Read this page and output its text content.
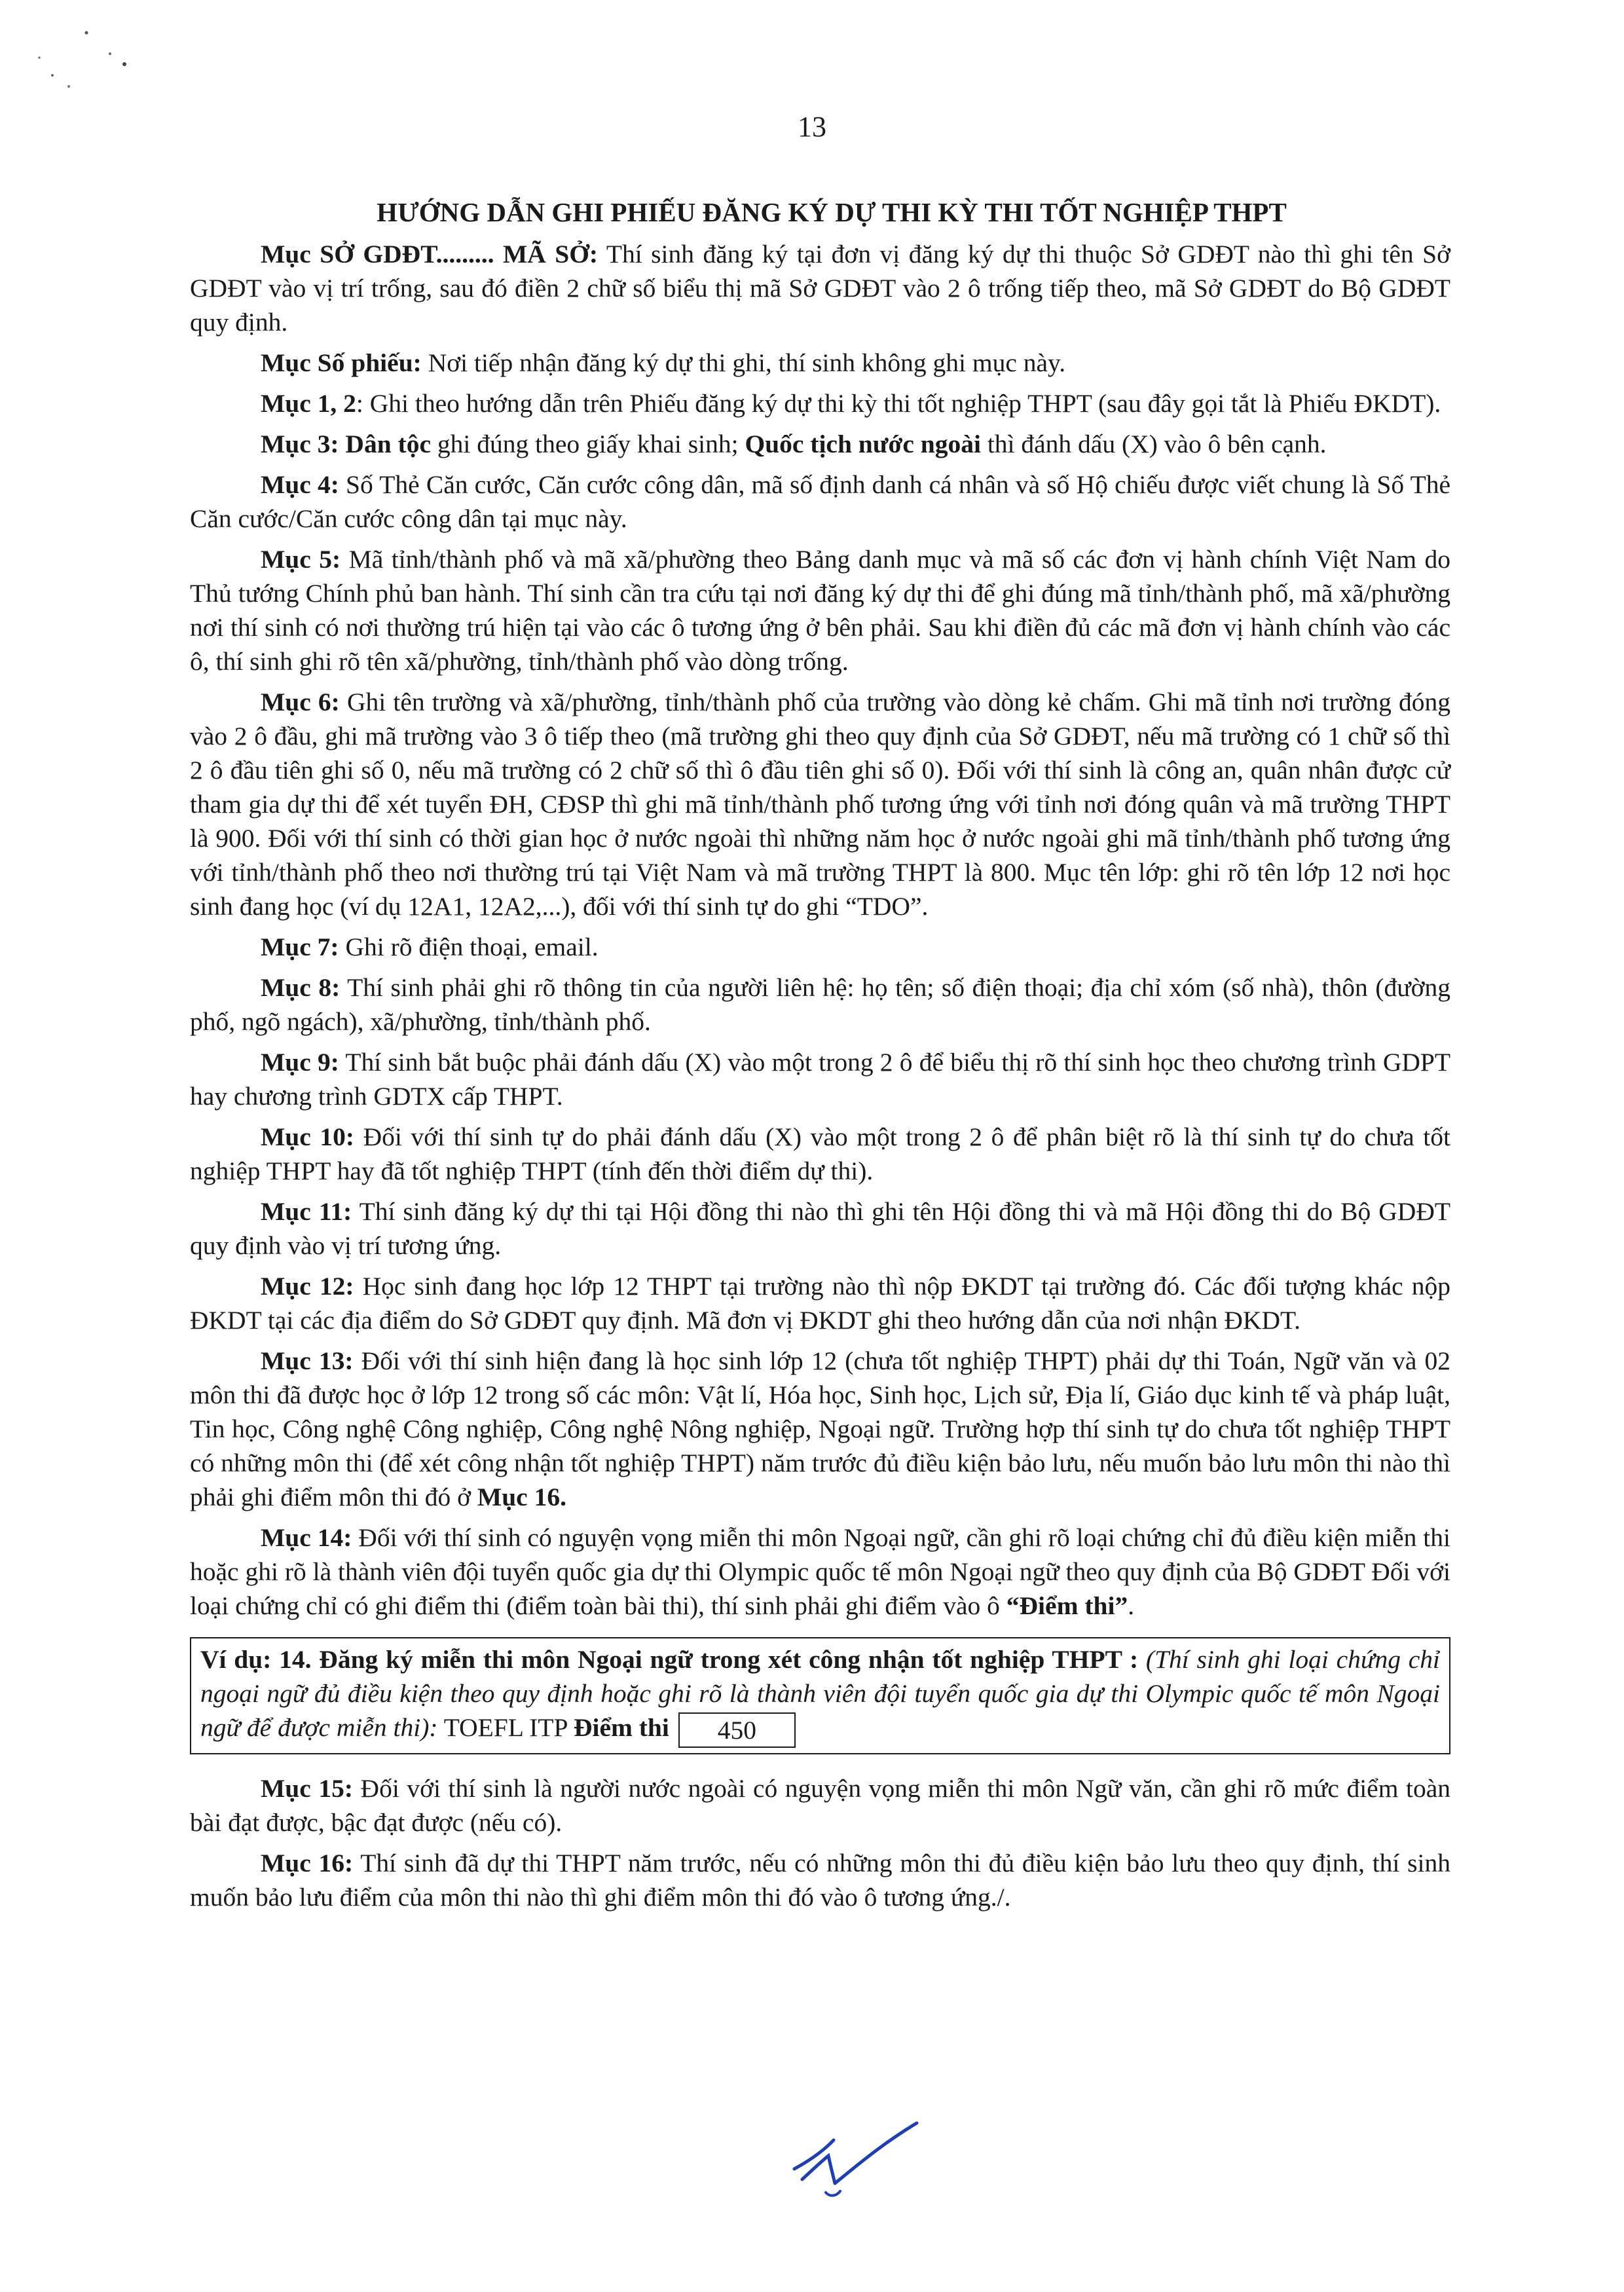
13
HƯỚNG DẪN GHI PHIẾU ĐĂNG KÝ DỰ THI KỲ THI TỐT NGHIỆP THPT

Mục SỞ GDĐT......... MÃ SỞ: Thí sinh đăng ký tại đơn vị đăng ký dự thi thuộc Sở GDĐT nào thì ghi tên Sở GDĐT vào vị trí trống, sau đó điền 2 chữ số biểu thị mã Sở GDĐT vào 2 ô trống tiếp theo, mã Sở GDĐT do Bộ GDĐT quy định.

Mục Số phiếu: Nơi tiếp nhận đăng ký dự thi ghi, thí sinh không ghi mục này.

Mục 1, 2: Ghi theo hướng dẫn trên Phiếu đăng ký dự thi kỳ thi tốt nghiệp THPT (sau đây gọi tắt là Phiếu ĐKDT).

Mục 3: Dân tộc ghi đúng theo giấy khai sinh; Quốc tịch nước ngoài thì đánh dấu (X) vào ô bên cạnh.

Mục 4: Số Thẻ Căn cước, Căn cước công dân, mã số định danh cá nhân và số Hộ chiếu được viết chung là Số Thẻ Căn cước/Căn cước công dân tại mục này.

Mục 5: Mã tỉnh/thành phố và mã xã/phường theo Bảng danh mục và mã số các đơn vị hành chính Việt Nam do Thủ tướng Chính phủ ban hành. Thí sinh cần tra cứu tại nơi đăng ký dự thi để ghi đúng mã tỉnh/thành phố, mã xã/phường nơi thí sinh có nơi thường trú hiện tại vào các ô tương ứng ở bên phải. Sau khi điền đủ các mã đơn vị hành chính vào các ô, thí sinh ghi rõ tên xã/phường, tỉnh/thành phố vào dòng trống.

Mục 6: Ghi tên trường và xã/phường, tỉnh/thành phố của trường vào dòng kẻ chấm. Ghi mã tỉnh nơi trường đóng vào 2 ô đầu, ghi mã trường vào 3 ô tiếp theo (mã trường ghi theo quy định của Sở GDĐT, nếu mã trường có 1 chữ số thì 2 ô đầu tiên ghi số 0, nếu mã trường có 2 chữ số thì ô đầu tiên ghi số 0). Đối với thí sinh là công an, quân nhân được cử tham gia dự thi để xét tuyển ĐH, CĐSP thì ghi mã tỉnh/thành phố tương ứng với tỉnh nơi đóng quân và mã trường THPT là 900. Đối với thí sinh có thời gian học ở nước ngoài thì những năm học ở nước ngoài ghi mã tỉnh/thành phố tương ứng với tỉnh/thành phố theo nơi thường trú tại Việt Nam và mã trường THPT là 800. Mục tên lớp: ghi rõ tên lớp 12 nơi học sinh đang học (ví dụ 12A1, 12A2,...), đối với thí sinh tự do ghi “TDO”.

Mục 7: Ghi rõ điện thoại, email.

Mục 8: Thí sinh phải ghi rõ thông tin của người liên hệ: họ tên; số điện thoại; địa chỉ xóm (số nhà), thôn (đường phố, ngõ ngách), xã/phường, tỉnh/thành phố.

Mục 9: Thí sinh bắt buộc phải đánh dấu (X) vào một trong 2 ô để biểu thị rõ thí sinh học theo chương trình GDPT hay chương trình GDTX cấp THPT.

Mục 10: Đối với thí sinh tự do phải đánh dấu (X) vào một trong 2 ô để phân biệt rõ là thí sinh tự do chưa tốt nghiệp THPT hay đã tốt nghiệp THPT (tính đến thời điểm dự thi).

Mục 11: Thí sinh đăng ký dự thi tại Hội đồng thi nào thì ghi tên Hội đồng thi và mã Hội đồng thi do Bộ GDĐT quy định vào vị trí tương ứng.

Mục 12: Học sinh đang học lớp 12 THPT tại trường nào thì nộp ĐKDT tại trường đó. Các đối tượng khác nộp ĐKDT tại các địa điểm do Sở GDĐT quy định. Mã đơn vị ĐKDT ghi theo hướng dẫn của nơi nhận ĐKDT.

Mục 13: Đối với thí sinh hiện đang là học sinh lớp 12 (chưa tốt nghiệp THPT) phải dự thi Toán, Ngữ văn và 02 môn thi đã được học ở lớp 12 trong số các môn: Vật lí, Hóa học, Sinh học, Lịch sử, Địa lí, Giáo dục kinh tế và pháp luật, Tin học, Công nghệ Công nghiệp, Công nghệ Nông nghiệp, Ngoại ngữ. Trường hợp thí sinh tự do chưa tốt nghiệp THPT có những môn thi (để xét công nhận tốt nghiệp THPT) năm trước đủ điều kiện bảo lưu, nếu muốn bảo lưu môn thi nào thì phải ghi điểm môn thi đó ở Mục 16.

Mục 14: Đối với thí sinh có nguyện vọng miễn thi môn Ngoại ngữ, cần ghi rõ loại chứng chỉ đủ điều kiện miễn thi hoặc ghi rõ là thành viên đội tuyển quốc gia dự thi Olympic quốc tế môn Ngoại ngữ theo quy định của Bộ GDĐT Đối với loại chứng chỉ có ghi điểm thi (điểm toàn bài thi), thí sinh phải ghi điểm vào ô “Điểm thi”.

Ví dụ: 14. Đăng ký miễn thi môn Ngoại ngữ trong xét công nhận tốt nghiệp THPT : (Thí sinh ghi loại chứng chỉ ngoại ngữ đủ điều kiện theo quy định hoặc ghi rõ là thành viên đội tuyển quốc gia dự thi Olympic quốc tế môn Ngoại ngữ để được miễn thi): TOEFL ITP Điểm thi 450

Mục 15: Đối với thí sinh là người nước ngoài có nguyện vọng miễn thi môn Ngữ văn, cần ghi rõ mức điểm toàn bài đạt được, bậc đạt được (nếu có).

Mục 16: Thí sinh đã dự thi THPT năm trước, nếu có những môn thi đủ điều kiện bảo lưu theo quy định, thí sinh muốn bảo lưu điểm của môn thi nào thì ghi điểm môn thi đó vào ô tương ứng./.
